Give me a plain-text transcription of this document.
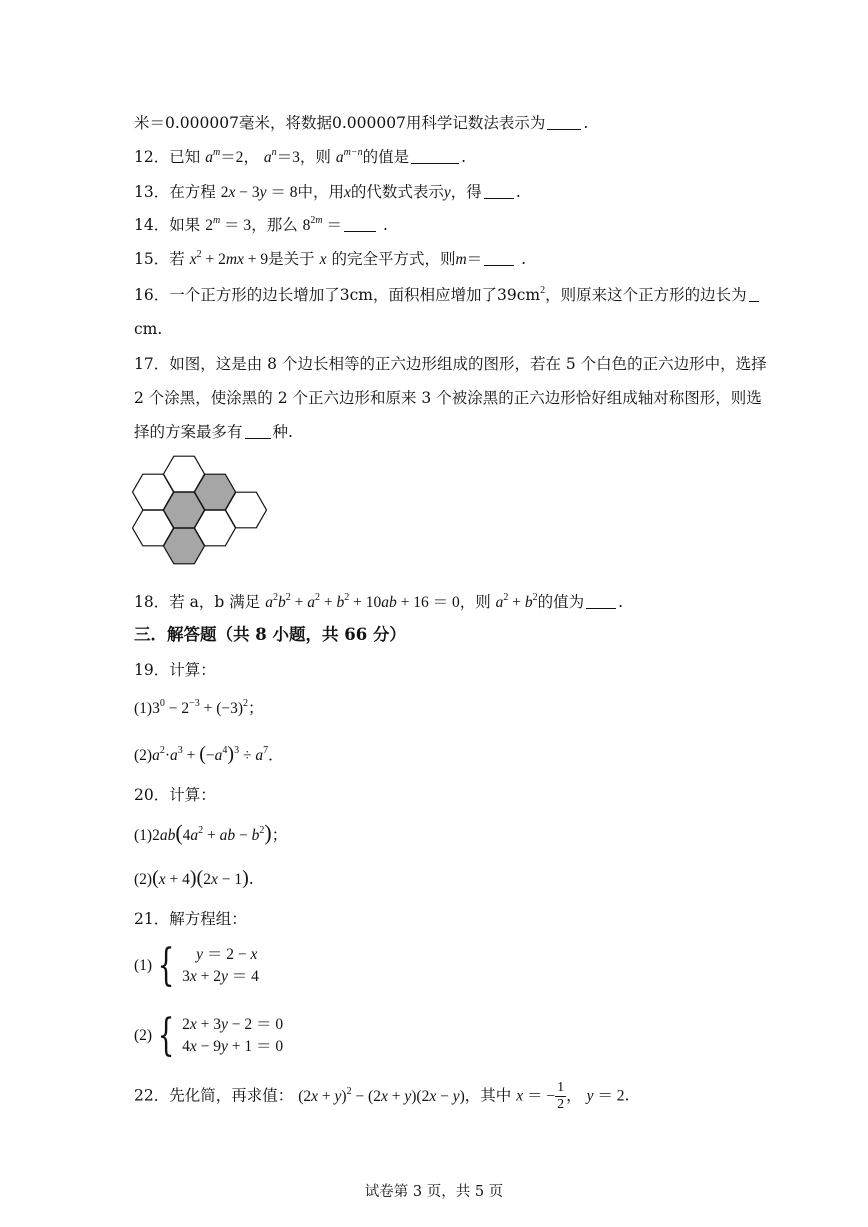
米＝0.000007毫米，将数据0.000007用科学记数法表示为 .
12．已知 $a^m=2$， $a^n=3$，则 $a^{m-n}$的值是	.
13．在方程 2x − 3y ＝ 8中，用x的代数式表示y，得 .
14．如果 $2^m = 3$，那么 $8^{2m}$ ＝	.
15．若 $x^2 + 2mx + 9$是关于 x 的完全平方式，则m＝	.
16．一个正方形的边长增加了3cm，面积相应增加了$39cm^2$，则原来这个正方形的边长为
cm.
17．如图，这是由 8 个边长相等的正六边形组成的图形，若在 5 个白色的正六边形中，选择
2 个涂黑，使涂黑的 2 个正六边形和原来 3 个被涂黑的正六边形恰好组成轴对称图形，则选
择的方案最多有 种.
18．若 a，b 满足 $a^2b^2 + a^2 + b^2 + 10ab + 16 = 0$，则 $a^2 + b^2$的值为 .
三．解答题（共 8 小题，共 66 分）
19．计算：
$(1)3^0 - 2^{-3} + (-3)^2$；
$(2)a^2\cdot a^3 + (-a^4)^3 \div a^7$．
20．计算：
$(1)2ab(4a^2$ + ab − $b^2$)；
(2)(x + 4)(2x − 1).
21．解方程组：
(1) {	y ＝ 2 − x
3x + 2y ＝ 4
(2) { 2x + 3y − 2 ＝ 0
4x − 9y + 1 ＝ 0
22．先化简，再求值： $(2x + y)^2 - (2x + y)(2x - y)$，其中 x ＝ − $\frac{1}{2}$ ， y ＝ 2.
试卷第 3 页，共 5 页
